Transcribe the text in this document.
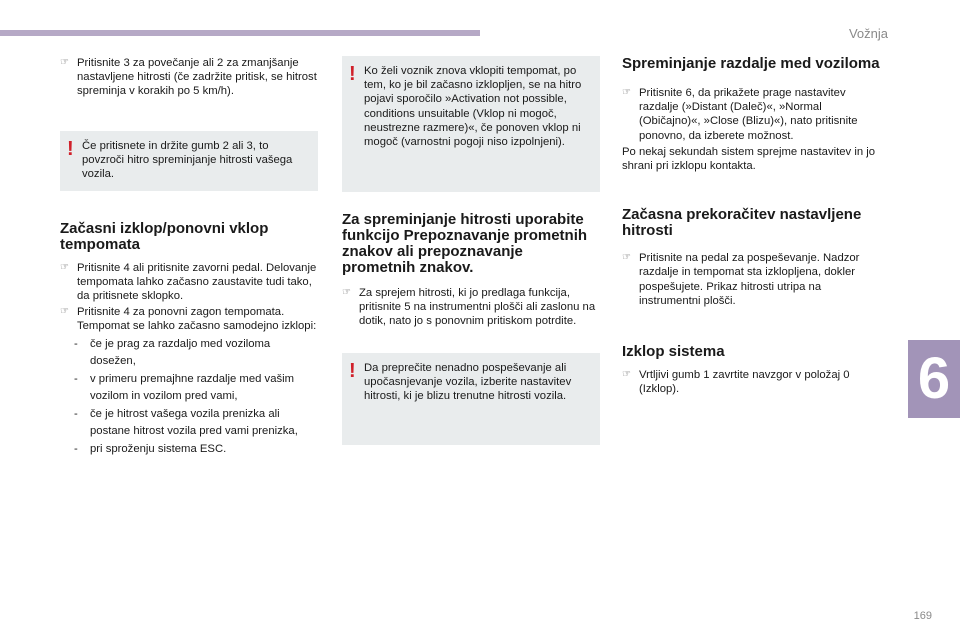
Vožnja
6
169
☞ Pritisnite 3 za povečanje ali 2 za zmanjšanje nastavljene hitrosti (če zadržite pritisk, se hitrost spreminja v korakih po 5 km/h).
! Če pritisnete in držite gumb 2 ali 3, to povzroči hitro spreminjanje hitrosti vašega vozila.
Začasni izklop/ponovni vklop tempomata
☞ Pritisnite 4 ali pritisnite zavorni pedal. Delovanje tempomata lahko začasno zaustavite tudi tako, da pritisnete sklopko.
☞ Pritisnite 4 za ponovni zagon tempomata. Tempomat se lahko začasno samodejno izklopi:
- če je prag za razdaljo med voziloma dosežen,
- v primeru premajhne razdalje med vašim vozilom in vozilom pred vami,
- če je hitrost vašega vozila prenizka ali postane hitrost vozila pred vami prenizka,
- pri sproženju sistema ESC.
! Ko želi voznik znova vklopiti tempomat, po tem, ko je bil začasno izklopljen, se na hitro pojavi sporočilo »Activation not possible, conditions unsuitable (Vklop ni mogoč, neustrezne razmere)«, če ponoven vklop ni mogoč (varnostni pogoji niso izpolnjeni).
Za spreminjanje hitrosti uporabite funkcijo Prepoznavanje prometnih znakov ali prepoznavanje prometnih znakov.
☞ Za sprejem hitrosti, ki jo predlaga funkcija, pritisnite 5 na instrumentni plošči ali zaslonu na dotik, nato jo s ponovnim pritiskom potrdite.
! Da preprečite nenadno pospeševanje ali upočasnjevanje vozila, izberite nastavitev hitrosti, ki je blizu trenutne hitrosti vozila.
Spreminjanje razdalje med voziloma
☞ Pritisnite 6, da prikažete prage nastavitev razdalje (»Distant (Daleč)«, »Normal (Običajno)«, »Close (Blizu)«), nato pritisnite ponovno, da izberete možnost.

Po nekaj sekundah sistem sprejme nastavitev in jo shrani pri izklopu kontakta.

Začasna prekoračitev nastavljene hitrosti
☞ Pritisnite na pedal za pospeševanje. Nadzor razdalje in tempomat sta izklopljena, dokler pospešujete. Prikaz hitrosti utripa na instrumentni plošči.
Izklop sistema
☞ Vrtljivi gumb 1 zavrtite navzgor v položaj 0 (Izklop).
